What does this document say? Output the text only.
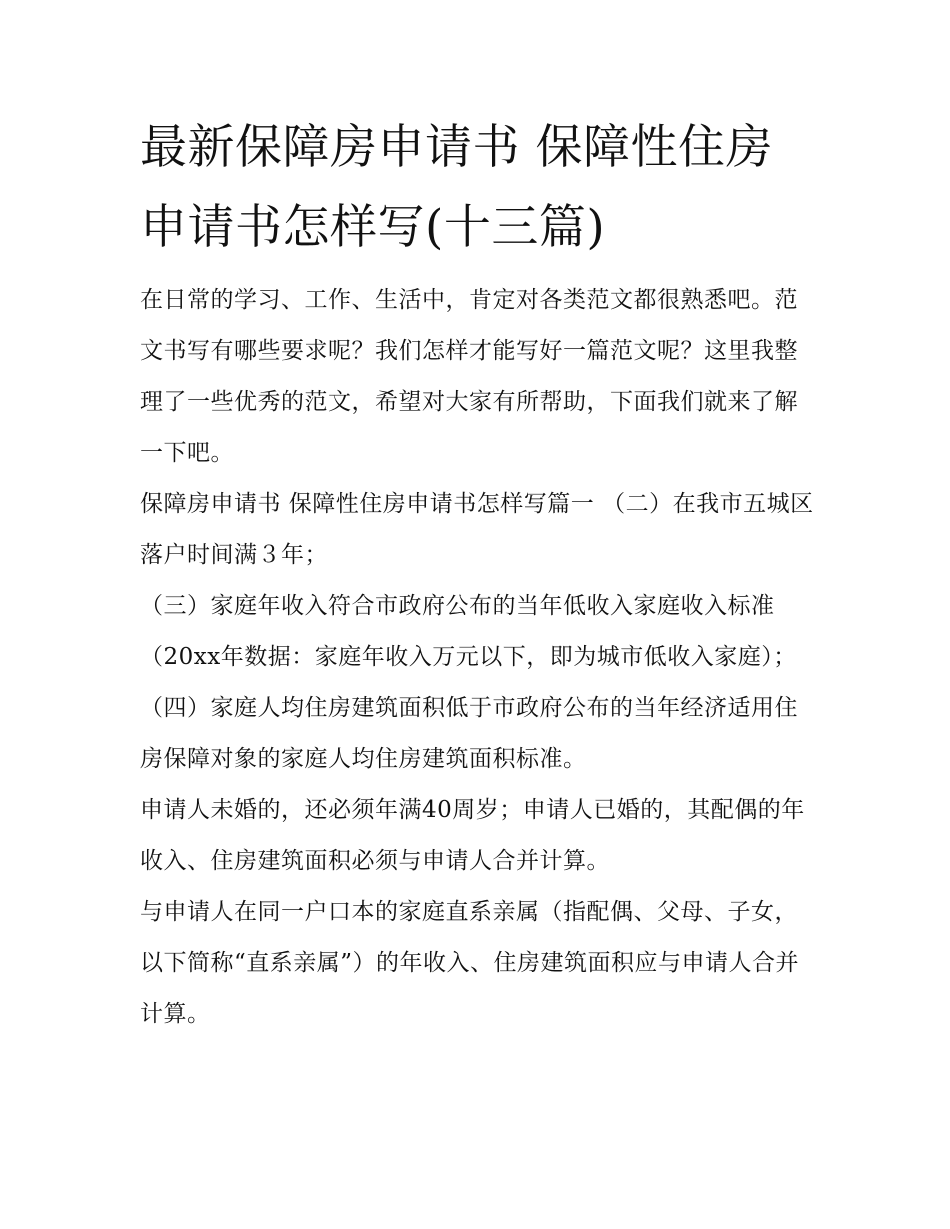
最新保障房申请书 保障性住房申请书怎样写(十三篇)

在日常的学习、工作、生活中，肯定对各类范文都很熟悉吧。范文书写有哪些要求呢？我们怎样才能写好一篇范文呢？这里我整理了一些优秀的范文，希望对大家有所帮助，下面我们就来了解一下吧。

保障房申请书 保障性住房申请书怎样写篇一 （二）在我市五城区落户时间满３年；

（三）家庭年收入符合市政府公布的当年低收入家庭收入标准（20xx年数据：家庭年收入万元以下，即为城市低收入家庭）；

（四）家庭人均住房建筑面积低于市政府公布的当年经济适用住房保障对象的家庭人均住房建筑面积标准。

申请人未婚的，还必须年满40周岁；申请人已婚的，其配偶的年收入、住房建筑面积必须与申请人合并计算。

与申请人在同一户口本的家庭直系亲属（指配偶、父母、子女，以下简称“直系亲属”）的年收入、住房建筑面积应与申请人合并计算。
